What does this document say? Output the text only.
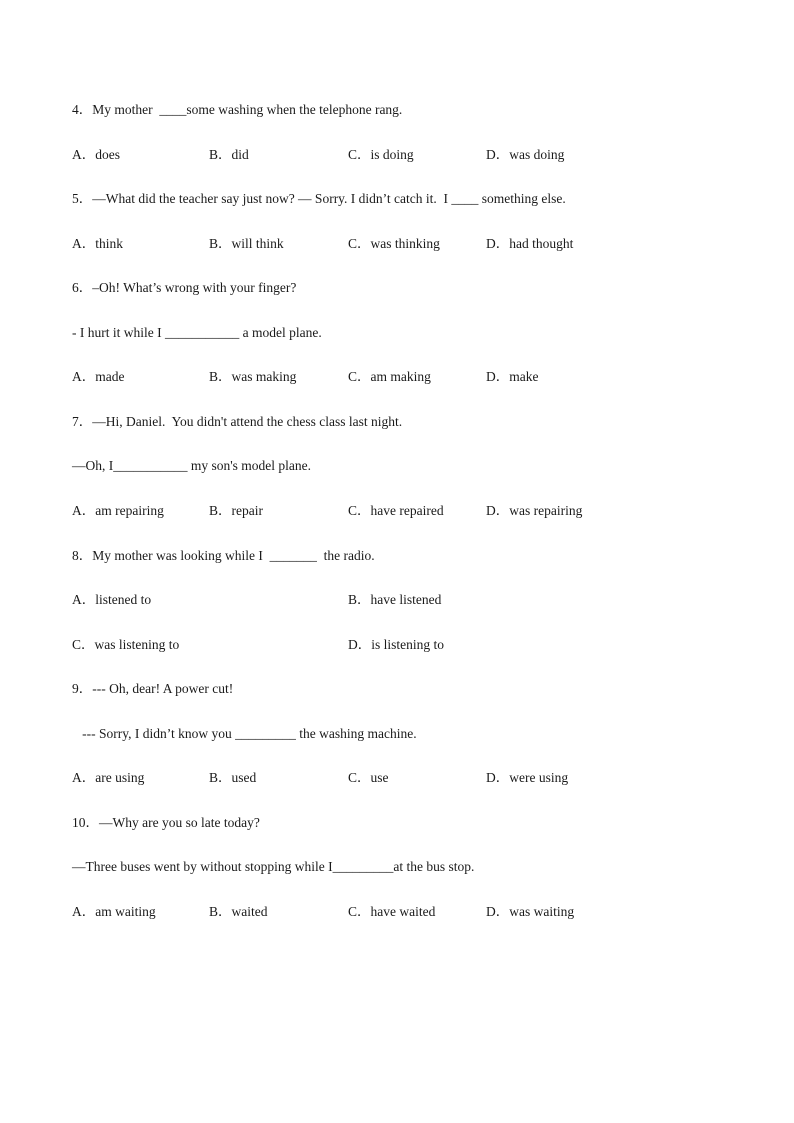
4．My mother  ____some washing when the telephone rang.
A．does	B．did	C．is doing	D．was doing
5．—What did the teacher say just now? — Sorry. I didn’t catch it.  I ____ something else.
A．think	B．will think	C．was thinking	D．had thought
6．–Oh! What’s wrong with your finger?
- I hurt it while I ___________ a model plane.
A．made	B．was making	C．am making	D．make
7．—Hi, Daniel.  You didn't attend the chess class last night.
—Oh, I___________ my son's model plane.
A．am repairing	B．repair	C．have repaired	D．was repairing
8．My mother was looking while I  _______  the radio.
A．listened to	B．have listened
C．was listening to	D．is listening to
9．--- Oh, dear! A power cut!
--- Sorry, I didn’t know you _________ the washing machine.
A．are using	B．used	C．use	D．were using
10．—Why are you so late today?
—Three buses went by without stopping while I_________at the bus stop.
A．am waiting	B．waited	C．have waited	D．was waiting
